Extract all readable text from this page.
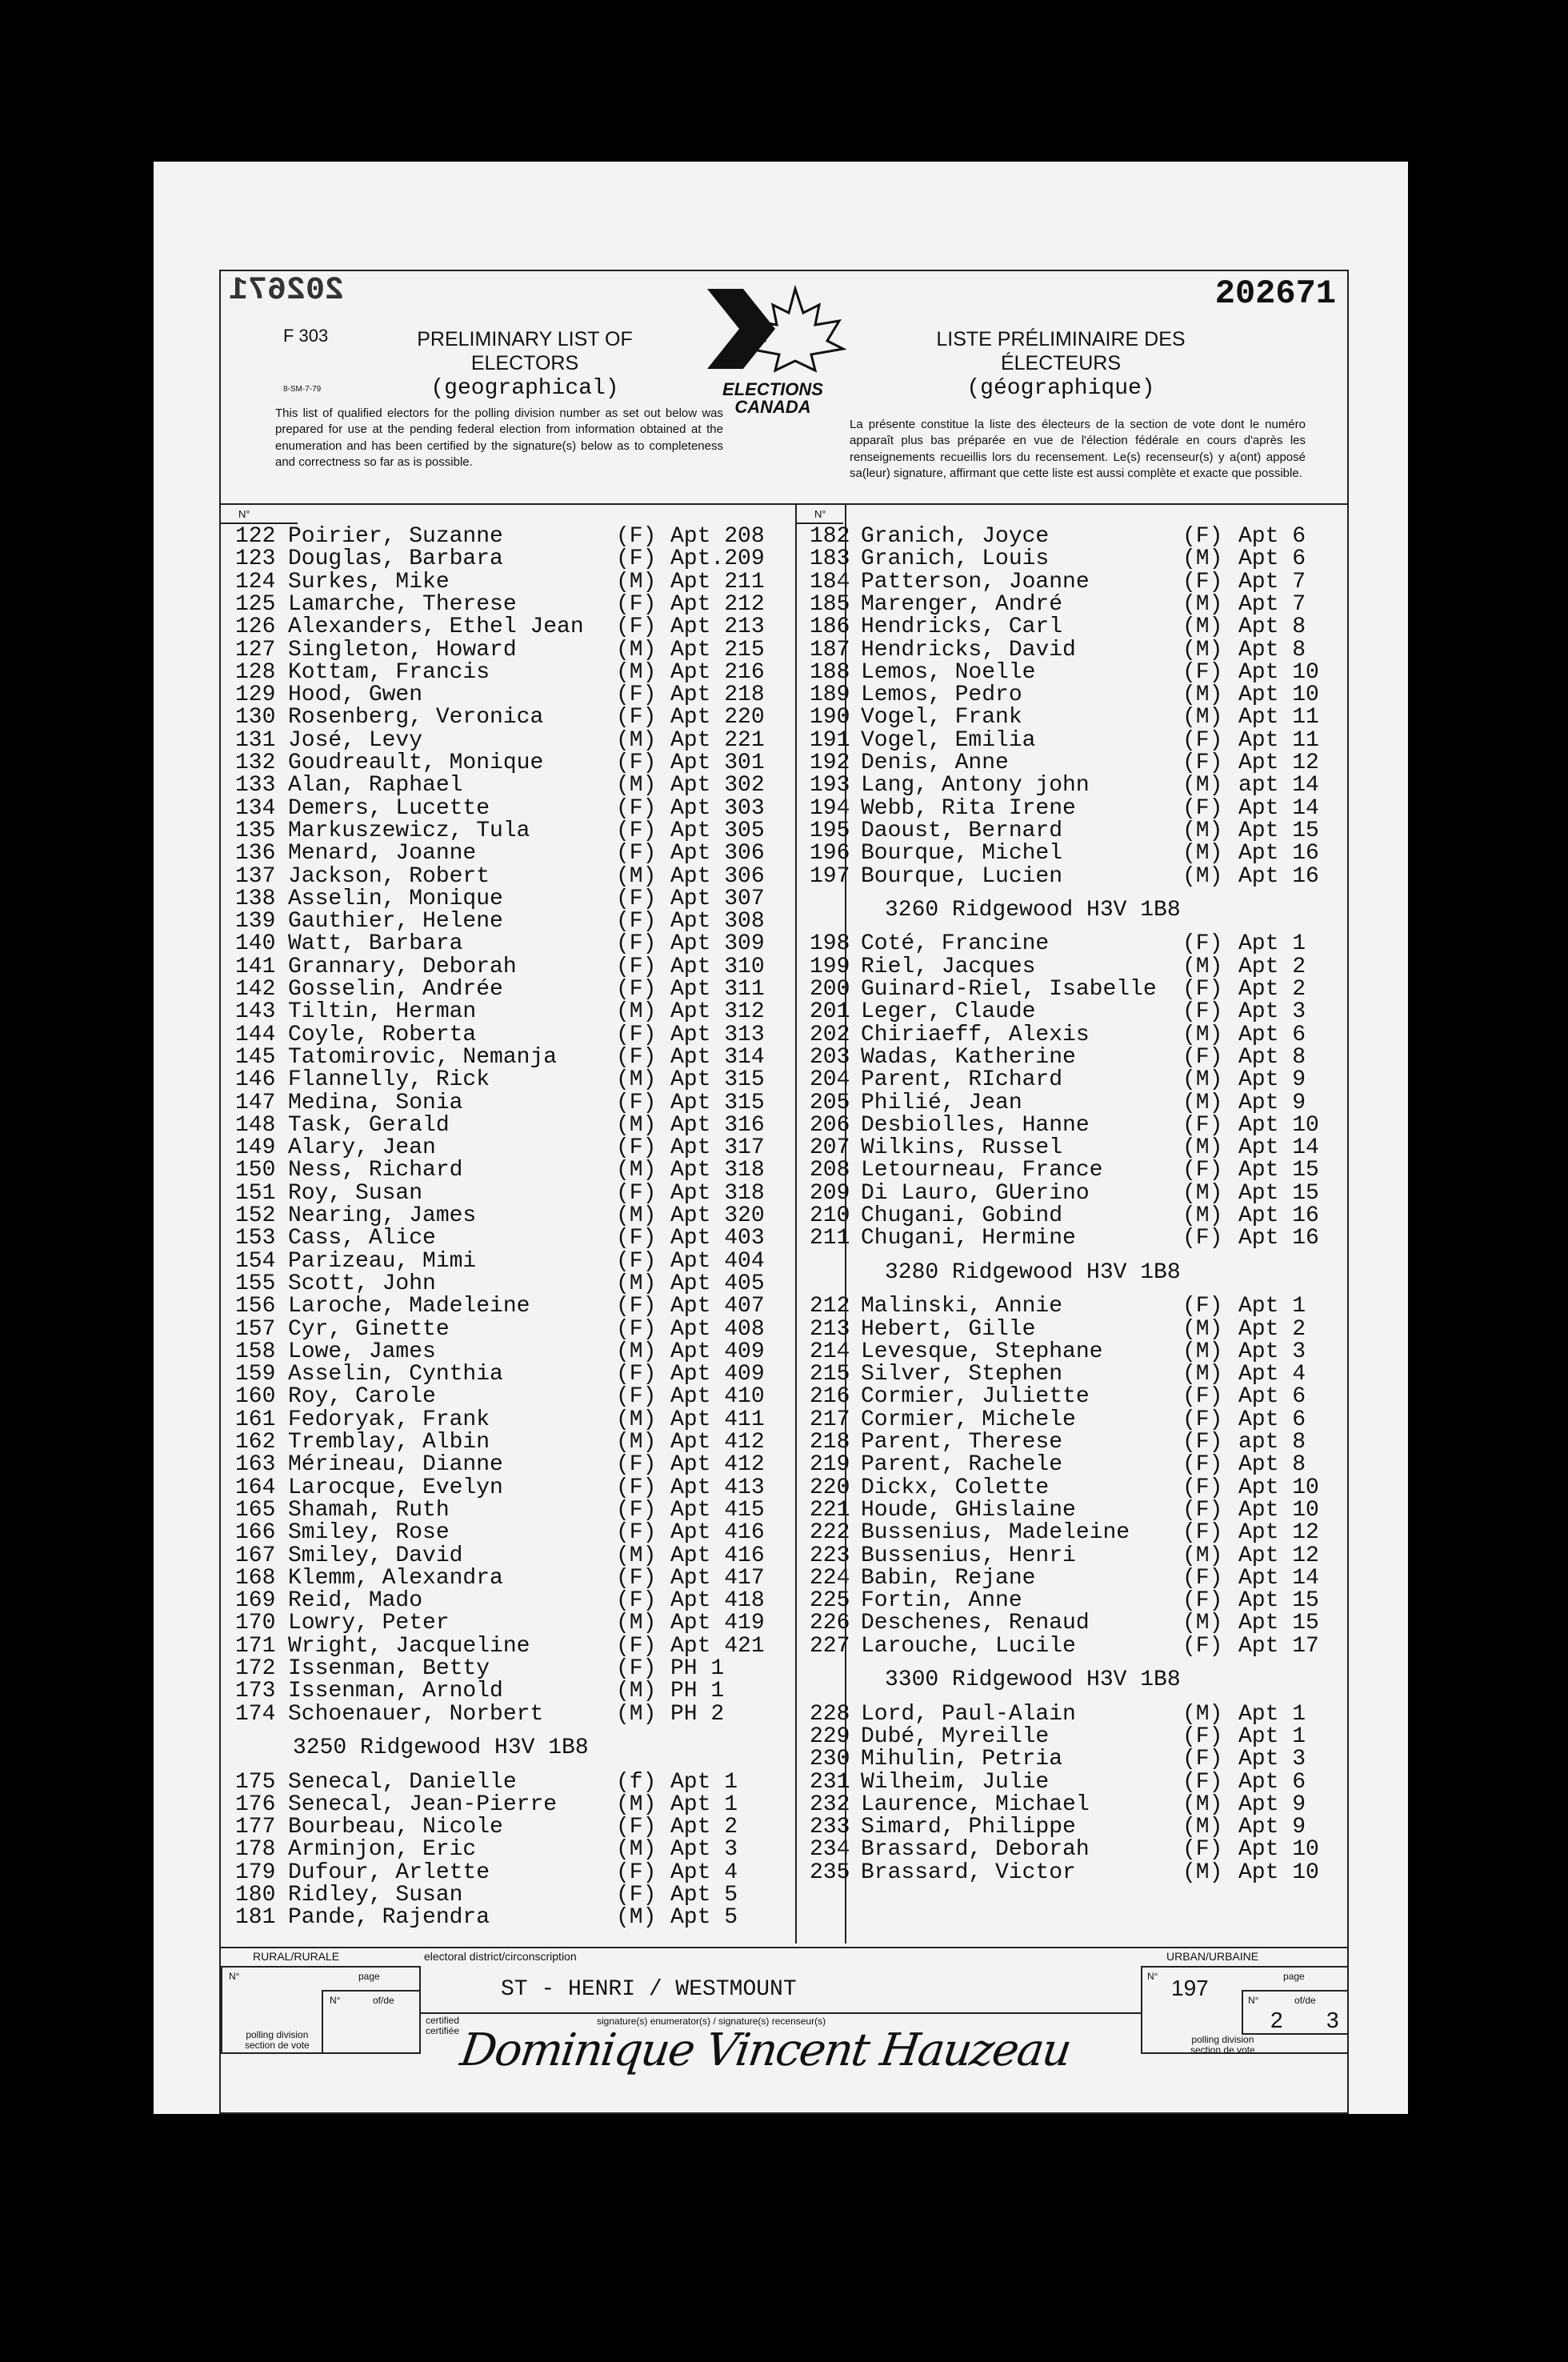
202671	202671
F 303
8-SM-7-79
PRELIMINARY LIST OF
ELECTORS
(geographical)	ELECTIONS
CANADA
LISTE PRÉLIMINAIRE DES
ÉLECTEURS
(géographique)
This list of qualified electors for the polling division number as set out below was prepared for use at the pending federal election from information obtained at the enumeration and has been certified by the signature(s) below as to completeness and correctness so far as is possible.
La présente constitue la liste des électeurs de la section de vote dont le numéro apparaît plus bas préparée en vue de l'élection fédérale en cours d'après les renseignements recueillis lors du recensement. Le(s) recenseur(s) y a(ont) apposé sa(leur) signature, affirmant que cette liste est aussi complète et exacte que possible.
N°	N°
122 Poirier, Suzanne	(F) Apt 208
123 Douglas, Barbara	(F) Apt.209
124 Surkes, Mike	(M) Apt 211
125 Lamarche, Therese	(F) Apt 212
126 Alexanders, Ethel Jean (F) Apt 213
127 Singleton, Howard	(M) Apt 215
128 Kottam, Francis	(M) Apt 216
129 Hood, Gwen	(F) Apt 218
130 Rosenberg, Veronica	(F) Apt 220
131 José, Levy	(M) Apt 221
132 Goudreault, Monique	(F) Apt 301
133 Alan, Raphael	(M) Apt 302
134 Demers, Lucette	(F) Apt 303
135 Markuszewicz, Tula	(F) Apt 305
136 Menard, Joanne	(F) Apt 306
137 Jackson, Robert	(M) Apt 306
138 Asselin, Monique	(F) Apt 307
139 Gauthier, Helene	(F) Apt 308
140 Watt, Barbara	(F) Apt 309
141 Grannary, Deborah	(F) Apt 310
142 Gosselin, Andrée	(F) Apt 311
143 Tiltin, Herman	(M) Apt 312
144 Coyle, Roberta	(F) Apt 313
145 Tatomirovic, Nemanja	(F) Apt 314
146 Flannelly, Rick	(M) Apt 315
147 Medina, Sonia	(F) Apt 315
148 Task, Gerald	(M) Apt 316
149 Alary, Jean	(F) Apt 317
150 Ness, Richard	(M) Apt 318
151 Roy, Susan	(F) Apt 318
152 Nearing, James	(M) Apt 320
153 Cass, Alice	(F) Apt 403
154 Parizeau, Mimi	(F) Apt 404
155 Scott, John	(M) Apt 405
156 Laroche, Madeleine	(F) Apt 407
157 Cyr, Ginette	(F) Apt 408
158 Lowe, James	(M) Apt 409
159 Asselin, Cynthia	(F) Apt 409
160 Roy, Carole	(F) Apt 410
161 Fedoryak, Frank	(M) Apt 411
162 Tremblay, Albin	(M) Apt 412
163 Mérineau, Dianne	(F) Apt 412
164 Larocque, Evelyn	(F) Apt 413
165 Shamah, Ruth	(F) Apt 415
166 Smiley, Rose	(F) Apt 416
167 Smiley, David	(M) Apt 416
168 Klemm, Alexandra	(F) Apt 417
169 Reid, Mado	(F) Apt 418
170 Lowry, Peter	(M) Apt 419
171 Wright, Jacqueline	(F) Apt 421
172 Issenman, Betty	(F) PH 1
173 Issenman, Arnold	(M) PH 1
174 Schoenauer, Norbert	(M) PH 2
3250 Ridgewood H3V 1B8
175 Senecal, Danielle	(f) Apt 1
176 Senecal, Jean-Pierre	(M) Apt 1
177 Bourbeau, Nicole	(F) Apt 2
178 Arminjon, Eric	(M) Apt 3
179 Dufour, Arlette	(F) Apt 4
180 Ridley, Susan	(F) Apt 5
181 Pande, Rajendra	(M) Apt 5
182 Granich, Joyce	(F) Apt 6
183 Granich, Louis	(M) Apt 6
184 Patterson, Joanne	(F) Apt 7
185 Marenger, André	(M) Apt 7
186 Hendricks, Carl	(M) Apt 8
187 Hendricks, David	(M) Apt 8
188 Lemos, Noelle	(F) Apt 10
189 Lemos, Pedro	(M) Apt 10
190 Vogel, Frank	(M) Apt 11
191 Vogel, Emilia	(F) Apt 11
192 Denis, Anne	(F) Apt 12
193 Lang, Antony john	(M) apt 14
194 Webb, Rita Irene	(F) Apt 14
195 Daoust, Bernard	(M) Apt 15
196 Bourque, Michel	(M) Apt 16
197 Bourque, Lucien	(M) Apt 16
3260 Ridgewood H3V 1B8
198 Coté, Francine	(F) Apt 1
199 Riel, Jacques	(M) Apt 2
200 Guinard-Riel, Isabelle (F) Apt 2
201 Leger, Claude	(F) Apt 3
202 Chiriaeff, Alexis	(M) Apt 6
203 Wadas, Katherine	(F) Apt 8
204 Parent, RIchard	(M) Apt 9
205 Philié, Jean	(M) Apt 9
206 Desbiolles, Hanne	(F) Apt 10
207 Wilkins, Russel	(M) Apt 14
208 Letourneau, France	(F) Apt 15
209 Di Lauro, GUerino	(M) Apt 15
210 Chugani, Gobind	(M) Apt 16
211 Chugani, Hermine	(F) Apt 16
3280 Ridgewood H3V 1B8
212 Malinski, Annie	(F) Apt 1
213 Hebert, Gille	(M) Apt 2
214 Levesque, Stephane	(M) Apt 3
215 Silver, Stephen	(M) Apt 4
216 Cormier, Juliette	(F) Apt 6
217 Cormier, Michele	(F) Apt 6
218 Parent, Therese	(F) apt 8
219 Parent, Rachele	(F) Apt 8
220 Dickx, Colette	(F) Apt 10
221 Houde, GHislaine	(F) Apt 10
222 Bussenius, Madeleine (F) Apt 12
223 Bussenius, Henri	(M) Apt 12
224 Babin, Rejane	(F) Apt 14
225 Fortin, Anne	(F) Apt 15
226 Deschenes, Renaud	(M) Apt 15
227 Larouche, Lucile	(F) Apt 17
3300 Ridgewood H3V 1B8
228 Lord, Paul-Alain	(M) Apt 1
229 Dubé, Myreille	(F) Apt 1
230 Mihulin, Petria	(F) Apt 3
231 Wilheim, Julie	(F) Apt 6
232 Laurence, Michael	(M) Apt 9
233 Simard, Philippe	(M) Apt 9
234 Brassard, Deborah	(F) Apt 10
235 Brassard, Victor	(M) Apt 10
RURAL/RURALE
N°	page
N°	of/de
polling division
section de vote
electoral district/circonscription
ST - HENRI / WESTMOUNT
certified
certifiée
signature(s) enumerator(s) / signature(s) recenseur(s)
Dominique Vincent Hauzeau
URBAN/URBAINE
N° 197	page
N°	of/de
2 3
polling division
section de vote
